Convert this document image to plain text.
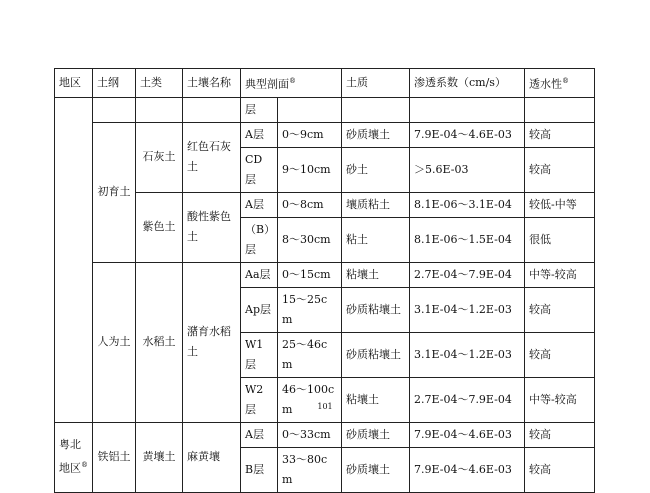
地区	土纲	土类	土壤名称	典型剖面®		土质	渗透系数（cm/s）	透水性®
				层				
	初育土	石灰土	红色石灰土	A层	0～9cm	砂质壤土	7.9E-04～4.6E-03	较高
				CD层	9～10cm	砂土	＞5.6E-03	较高
		紫色土	酸性紫色土	A层	0～8cm	壤质粘土	8.1E-06～3.1E-04	较低-中等
				（B）层	8～30cm	粘土	8.1E-06～1.5E-04	很低
	人为土	水稻土	潴育水稻土	Aa层	0～15cm	粘壤土	2.7E-04～7.9E-04	中等-较高
				Ap层	15～25cm	砂质粘壤土	3.1E-04～1.2E-03	较高
				W1层	25～46cm	砂质粘壤土	3.1E-04～1.2E-03	较高
				W2层	46～100cm	粘壤土	2.7E-04～7.9E-04	中等-较高
粤北地区®	铁铝土	黄壤土	麻黄壤	A层	0～33cm	砂质壤土	7.9E-04～4.6E-03	较高
				B层	33～80cm	砂质壤土	7.9E-04～4.6E-03	较高
101
